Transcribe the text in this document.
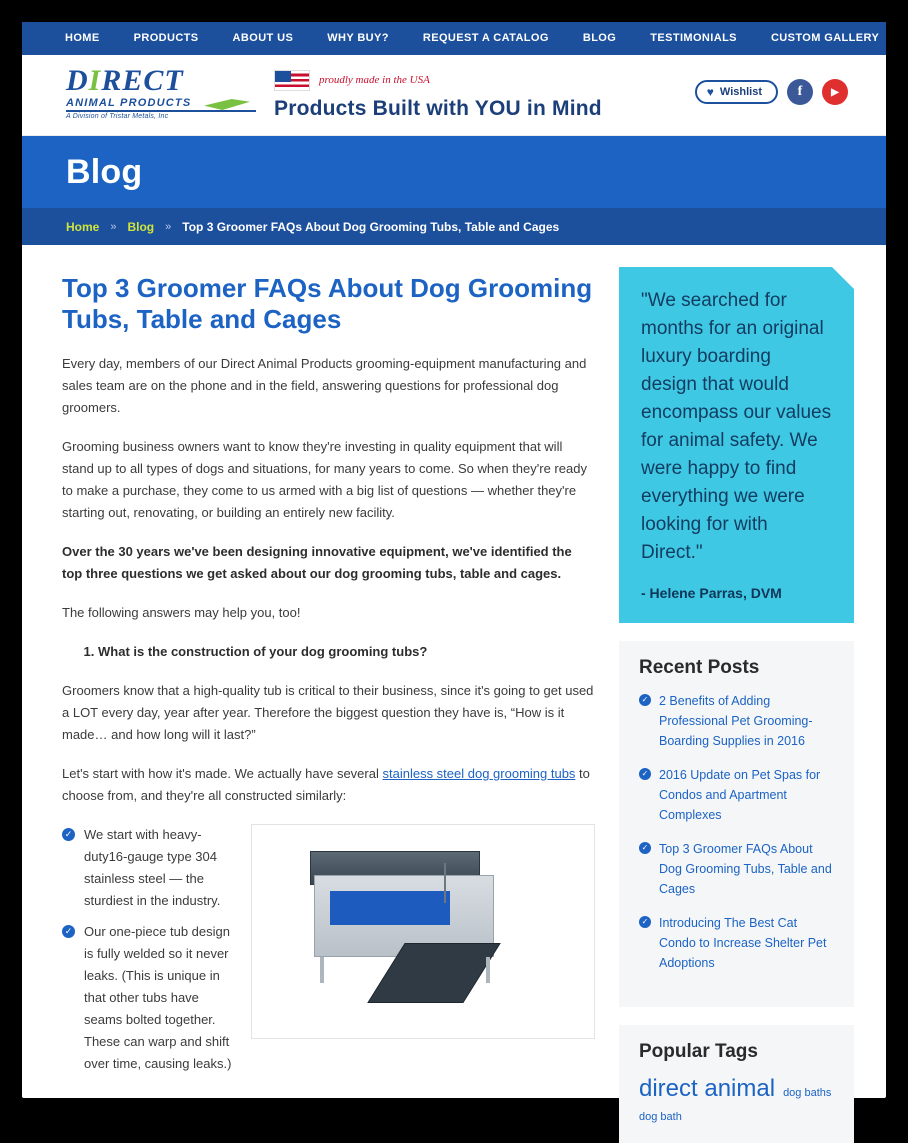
HOME	PRODUCTS	ABOUT US	WHY BUY?	REQUEST A CATALOG	BLOG	TESTIMONIALS	CUSTOM GALLERY
DIRECT
ANIMAL PRODUCTS
A Division of Tristar Metals, Inc
proudly made in the USA
Products Built with YOU in Mind
♥ Wishlist	f	▶
Blog
Home	» Blog	» Top 3 Groomer FAQs About Dog Grooming Tubs, Table and Cages
Top 3 Groomer FAQs About Dog Grooming Tubs, Table and Cages

Every day, members of our Direct Animal Products grooming-equipment manufacturing and sales team are on the phone and in the field, answering questions for professional dog groomers.

Grooming business owners want to know they're investing in quality equipment that will stand up to all types of dogs and situations, for many years to come. So when they're ready to make a purchase, they come to us armed with a big list of questions — whether they're starting out, renovating, or building an entirely new facility.

Over the 30 years we've been designing innovative equipment, we've identified the top three questions we get asked about our dog grooming tubs, table and cages.

The following answers may help you, too!

1. What is the construction of your dog grooming tubs?

Groomers know that a high-quality tub is critical to their business, since it's going to get used a LOT every day, year after year. Therefore the biggest question they have is, “How is it made… and how long will it last?”

Let's start with how it's made. We actually have several stainless steel dog grooming tubs to choose from, and they're all constructed similarly:

✓ We start with heavy-duty16-gauge type 304 stainless steel — the sturdiest in the industry.
✓ Our one-piece tub design is fully welded so it never leaks. (This is unique in that other tubs have seams bolted together. These can warp and shift over time, causing leaks.)
"We searched for months for an original luxury boarding design that would encompass our values for animal safety. We were happy to find everything we were looking for with Direct."
- Helene Parras, DVM
Recent Posts
✓ 2 Benefits of Adding Professional Pet Grooming-Boarding Supplies in 2016
✓ 2016 Update on Pet Spas for Condos and Apartment Complexes
✓ Top 3 Groomer FAQs About Dog Grooming Tubs, Table and Cages
✓ Introducing The Best Cat Condo to Increase Shelter Pet Adoptions
Popular Tags
direct animal dog baths
dog bath
